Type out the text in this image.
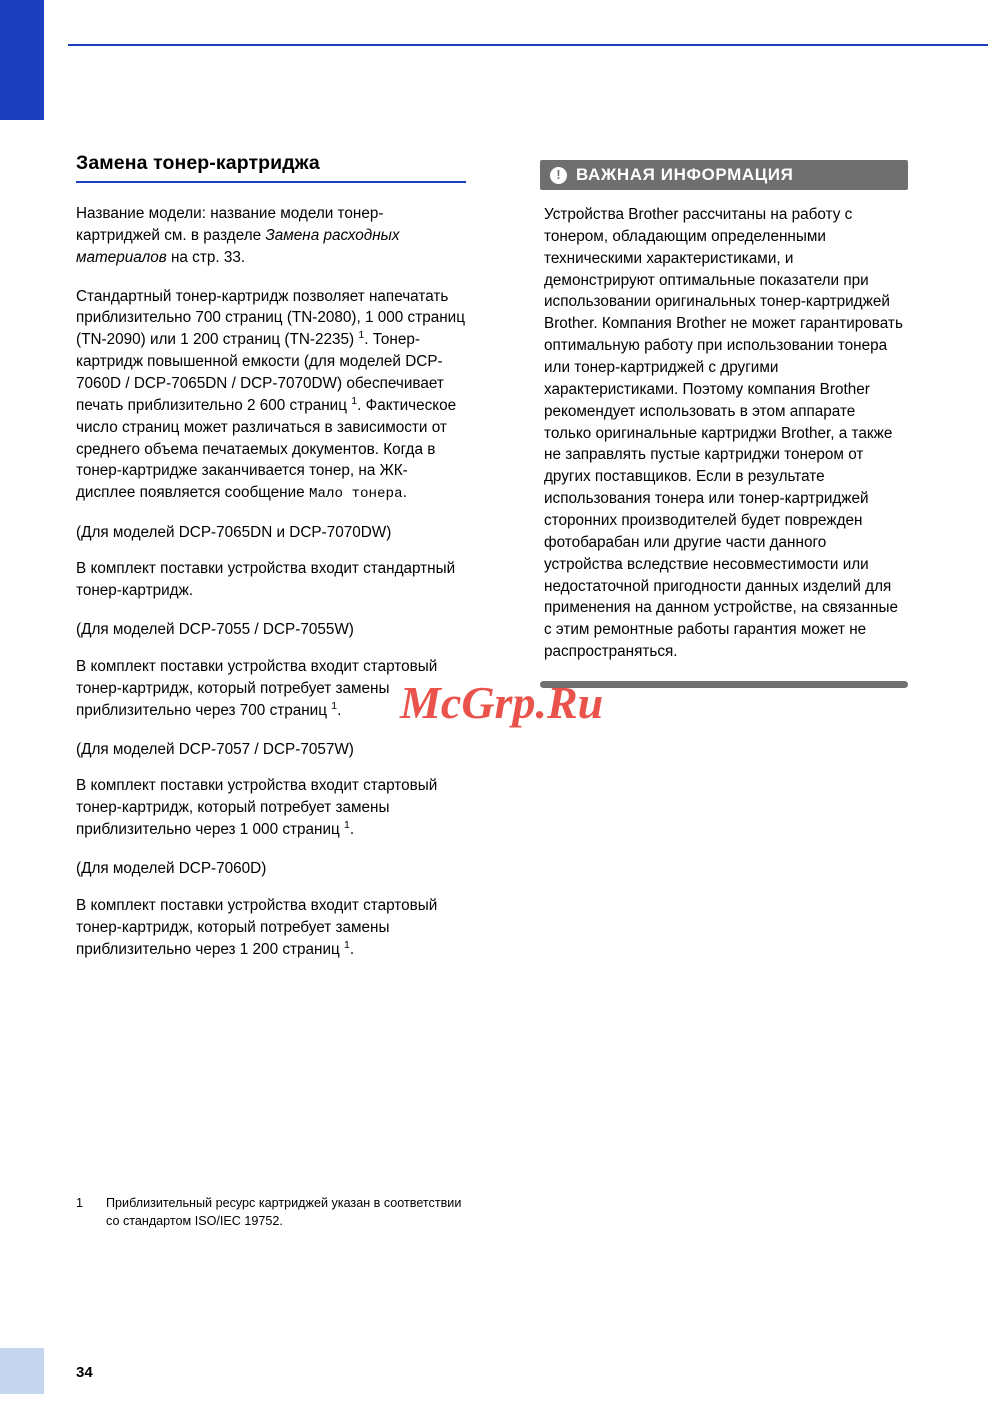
34
Замена тонер-картриджа

Название модели: название модели тонер-картриджей см. в разделе Замена расходных материалов на стр. 33.

Стандартный тонер-картридж позволяет напечатать приблизительно 700 страниц (TN-2080), 1 000 страниц (TN-2090) или 1 200 страниц (TN-2235) $^1$. Тонер-картридж повышенной емкости (для моделей DCP-7060D / DCP-7065DN / DCP-7070DW) обеспечивает печать приблизительно 2 600 страниц $^1$. Фактическое число страниц может различаться в зависимости от среднего объема печатаемых документов. Когда в тонер-картридже заканчивается тонер, на ЖК-дисплее появляется сообщение Мало тонера.

(Для моделей DCP-7065DN и DCP-7070DW)

В комплект поставки устройства входит стандартный тонер-картридж.

(Для моделей DCP-7055 / DCP-7055W)

В комплект поставки устройства входит стартовый тонер-картридж, который потребует замены приблизительно через 700 страниц $^1$.

(Для моделей DCP-7057 / DCP-7057W)

В комплект поставки устройства входит стартовый тонер-картридж, который потребует замены приблизительно через 1 000 страниц $^1$.

(Для моделей DCP-7060D)

В комплект поставки устройства входит стартовый тонер-картридж, который потребует замены приблизительно через 1 200 страниц $^1$.

1	Приблизительный ресурс картриджей указан в соответствии со стандартом ISO/IEC 19752.
! ВАЖНАЯ ИНФОРМАЦИЯ
Устройства Brother рассчитаны на работу с тонером, обладающим определенными техническими характеристиками, и демонстрируют оптимальные показатели при использовании оригинальных тонер-картриджей Brother. Компания Brother не может гарантировать оптимальную работу при использовании тонера или тонер-картриджей с другими характеристиками. Поэтому компания Brother рекомендует использовать в этом аппарате только оригинальные картриджи Brother, а также не заправлять пустые картриджи тонером от других поставщиков. Если в результате использования тонера или тонер-картриджей сторонних производителей будет поврежден фотобарабан или другие части данного устройства вследствие несовместимости или недостаточной пригодности данных изделий для применения на данном устройстве, на связанные с этим ремонтные работы гарантия может не распространяться.
McGrp.Ru
